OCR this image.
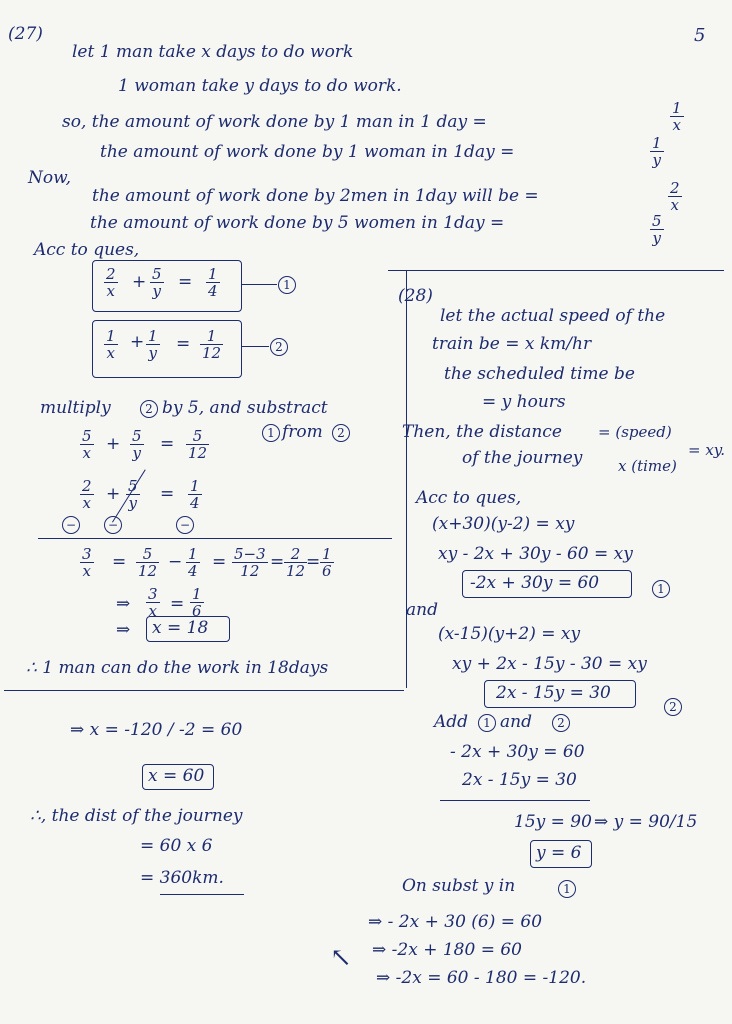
(27)
let 1 man take x days to do work
1 woman take y days to do work.
so, the amount of work done by 1 man in 1 day =	$\frac{1}{x}$
the amount of work done by 1 woman in 1day =	$\frac{1}{y}$
Now,
the amount of work done by 2men in 1day will be =	$\frac{2}{x}$
the amount of work done by 5 women in 1day =	$\frac{5}{y}$
Acc to ques,
$\frac{2}{x} + \frac{5}{y} = \frac{1}{4}$	1
$\frac{1}{x} + \frac{1}{y} = \frac{1}{12}$	2
multiply	2 by 5, and substract
1 from	2
$\frac{5}{x} + \frac{5}{y} = \frac{5}{12}$
$\frac{2}{x} + \frac{5}{y} = \frac{1}{4}$
−	−	−
$\frac{3}{x} = \frac{5}{12} - \frac{1}{4} = \frac{5-3}{12} = \frac{2}{12}$
= $\frac{1}{6}$
⇒ $\frac{3}{x} = \frac{1}{6}$
⇒ x = 18
∴ 1 man can do the work in 18days
(28)
let the actual speed of the
train be = x km/hr
the scheduled time be
= y hours
Then, the distance = (speed)
x (time)
= xy.
of the journey
Acc to ques,
(x+30)(y-2) = xy
xy - 2x + 30y - 60 = xy
-2x + 30y = 60	1
and
(x-15)(y+2) = xy
xy + 2x - 15y - 30 = xy
2x - 15y = 30
2
Add	1 and	2
- 2x + 30y = 60
2x - 15y = 30
15y = 90 ⇒ y = 90/15
y = 6
On subst y in	1
⇒ - 2x + 30 (6) = 60
⇒ -2x + 180 = 60
⇒ -2x = 60 - 180 = -120.
↖
⇒ x = -120 / -2 = 60
x = 60
∴, the dist of the journey
= 60 x 6
= 360km.
5
